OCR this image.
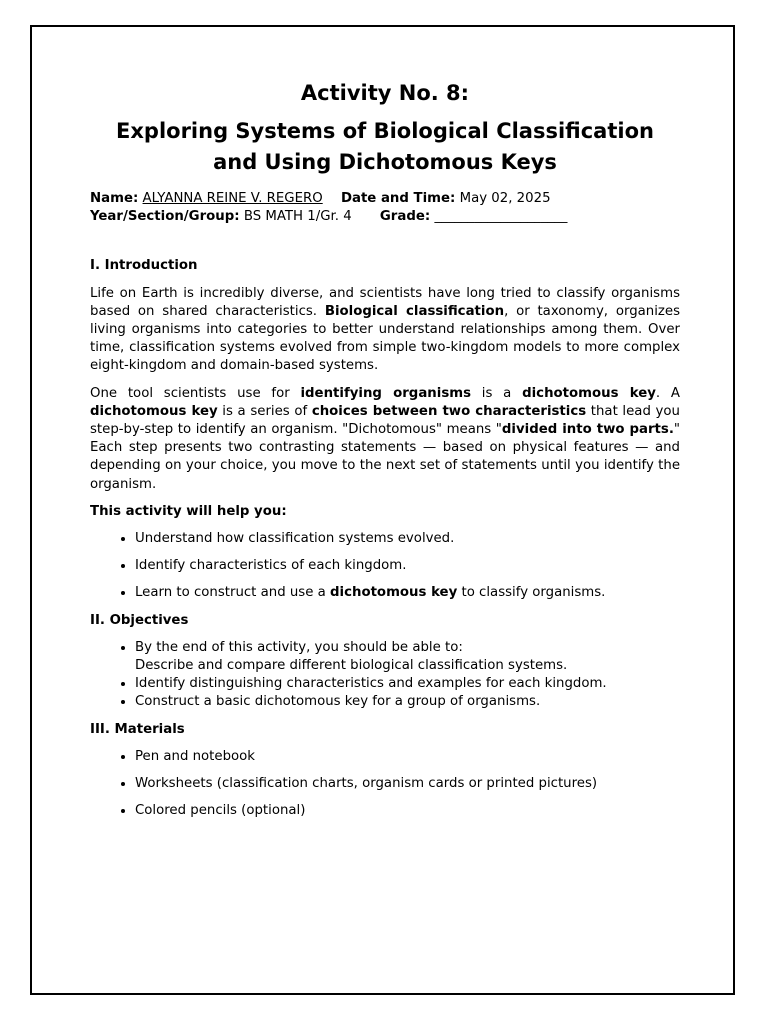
Activity No. 8:
Exploring Systems of Biological Classification
and Using Dichotomous Keys
Name: ALYANNA REINE V. REGERO Date and Time: May 02, 2025
Year/Section/Group: BS MATH 1/Gr. 4 Grade: ____________________
I. Introduction

Life on Earth is incredibly diverse, and scientists have long tried to classify organisms based on shared characteristics. Biological classification, or taxonomy, organizes living organisms into categories to better understand relationships among them. Over time, classification systems evolved from simple two-kingdom models to more complex eight-kingdom and domain-based systems.

One tool scientists use for identifying organisms is a dichotomous key. A dichotomous key is a series of choices between two characteristics that lead you step-by-step to identify an organism. "Dichotomous" means "divided into two parts." Each step presents two contrasting statements — based on physical features — and depending on your choice, you move to the next set of statements until you identify the organism.

This activity will help you:
• Understand how classification systems evolved.
• Identify characteristics of each kingdom.
• Learn to construct and use a dichotomous key to classify organisms.
II. Objectives
• By the end of this activity, you should be able to:
Describe and compare different biological classification systems.
• Identify distinguishing characteristics and examples for each kingdom.
• Construct a basic dichotomous key for a group of organisms.
III. Materials
• Pen and notebook
• Worksheets (classification charts, organism cards or printed pictures)
• Colored pencils (optional)
